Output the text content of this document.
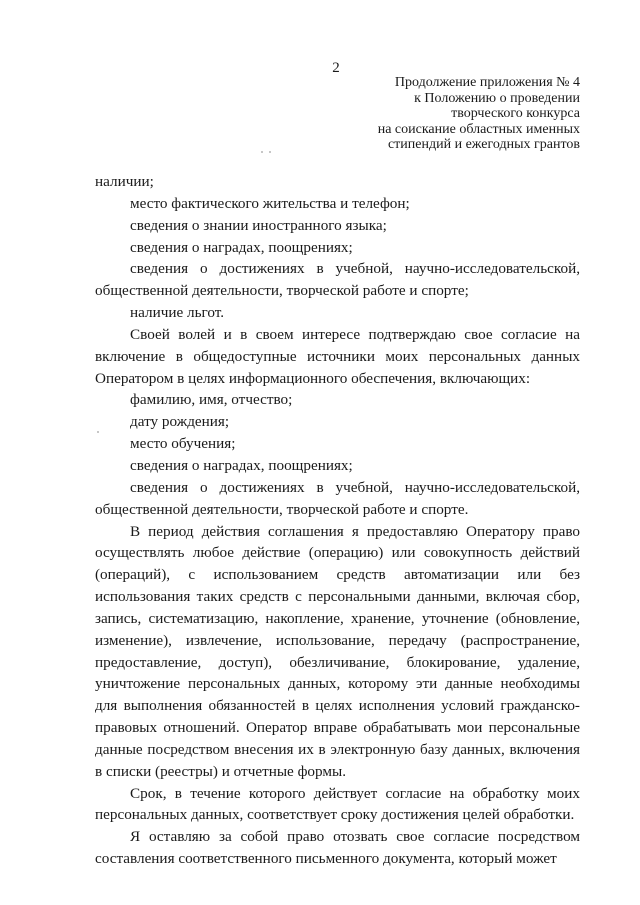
2
Продолжение приложения № 4
к Положению о проведении
творческого конкурса
на соискание областных именных
стипендий и ежегодных грантов
наличии;
место фактического жительства и телефон;
сведения о знании иностранного языка;
сведения о наградах, поощрениях;
сведения о достижениях в учебной, научно-исследовательской,
общественной деятельности, творческой работе и спорте;
наличие льгот.
Своей волей и в своем интересе подтверждаю свое согласие на
включение в общедоступные источники моих персональных данных
Оператором в целях информационного обеспечения, включающих:
фамилию, имя, отчество;
дату рождения;
место обучения;
сведения о наградах, поощрениях;
сведения о достижениях в учебной, научно-исследовательской,
общественной деятельности, творческой работе и спорте.
В период действия соглашения я предоставляю Оператору право
осуществлять любое действие (операцию) или совокупность действий
(операций), с использованием средств автоматизации или без
использования таких средств с персональными данными, включая сбор,
запись, систематизацию, накопление, хранение, уточнение (обновление,
изменение), извлечение, использование, передачу (распространение,
предоставление, доступ), обезличивание, блокирование, удаление,
уничтожение персональных данных, которому эти данные необходимы
для выполнения обязанностей в целях исполнения условий гражданско-
правовых отношений. Оператор вправе обрабатывать мои персональные
данные посредством внесения их в электронную базу данных, включения
в списки (реестры) и отчетные формы.
Срок, в течение которого действует согласие на обработку моих
персональных данных, соответствует сроку достижения целей обработки.
Я оставляю за собой право отозвать свое согласие посредством
составления соответственного письменного документа, который может
